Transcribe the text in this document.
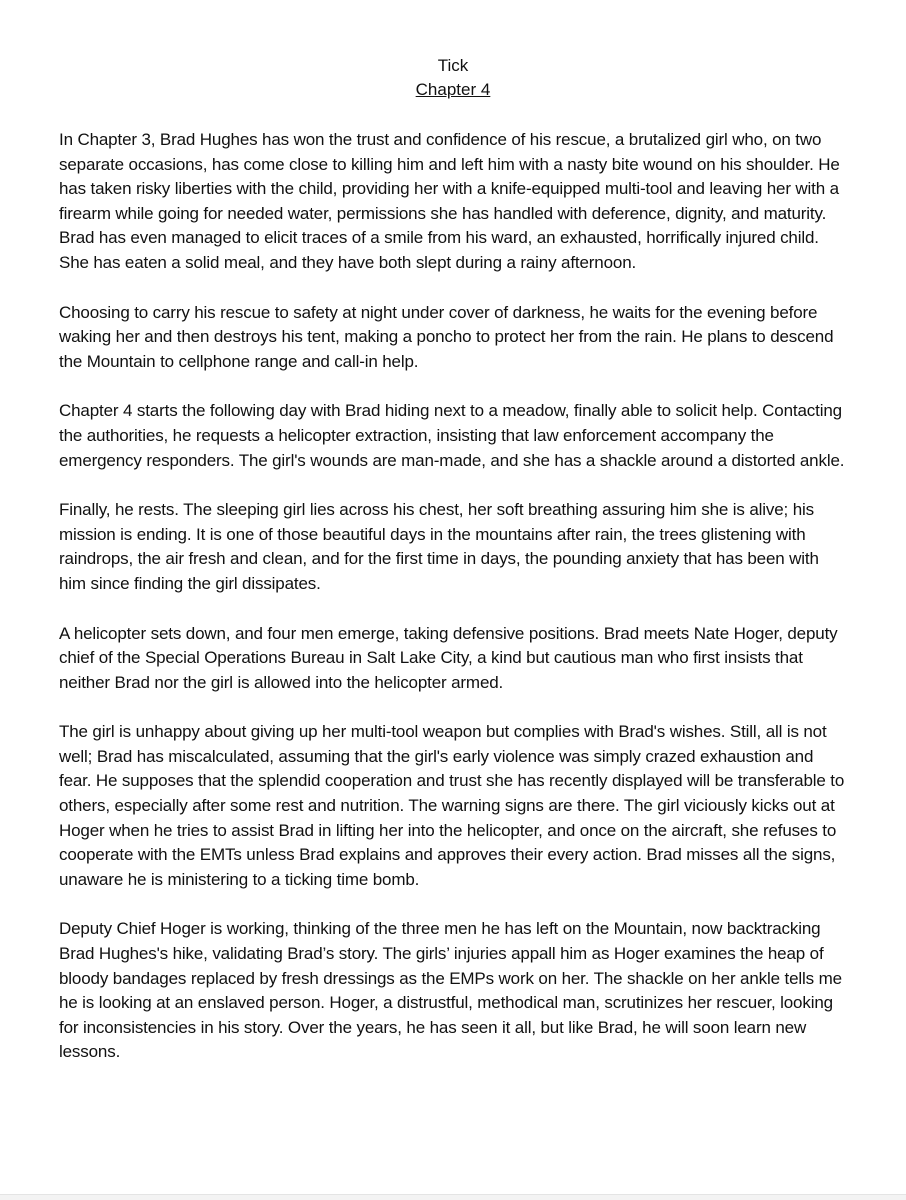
Tick
Chapter 4

In Chapter 3, Brad Hughes has won the trust and confidence of his rescue, a brutalized girl who, on two separate occasions, has come close to killing him and left him with a nasty bite wound on his shoulder. He has taken risky liberties with the child, providing her with a knife-equipped multi-tool and leaving her with a firearm while going for needed water, permissions she has handled with deference, dignity, and maturity. Brad has even managed to elicit traces of a smile from his ward, an exhausted, horrifically injured child. She has eaten a solid meal, and they have both slept during a rainy afternoon.

Choosing to carry his rescue to safety at night under cover of darkness, he waits for the evening before waking her and then destroys his tent, making a poncho to protect her from the rain. He plans to descend the Mountain to cellphone range and call-in help.

Chapter 4 starts the following day with Brad hiding next to a meadow, finally able to solicit help. Contacting the authorities, he requests a helicopter extraction, insisting that law enforcement accompany the emergency responders. The girl's wounds are man-made, and she has a shackle around a distorted ankle.

Finally, he rests. The sleeping girl lies across his chest, her soft breathing assuring him she is alive; his mission is ending. It is one of those beautiful days in the mountains after rain, the trees glistening with raindrops, the air fresh and clean, and for the first time in days, the pounding anxiety that has been with him since finding the girl dissipates.

A helicopter sets down, and four men emerge, taking defensive positions. Brad meets Nate Hoger, deputy chief of the Special Operations Bureau in Salt Lake City, a kind but cautious man who first insists that neither Brad nor the girl is allowed into the helicopter armed.

The girl is unhappy about giving up her multi-tool weapon but complies with Brad's wishes. Still, all is not well; Brad has miscalculated, assuming that the girl's early violence was simply crazed exhaustion and fear. He supposes that the splendid cooperation and trust she has recently displayed will be transferable to others, especially after some rest and nutrition. The warning signs are there. The girl viciously kicks out at Hoger when he tries to assist Brad in lifting her into the helicopter, and once on the aircraft, she refuses to cooperate with the EMTs unless Brad explains and approves their every action. Brad misses all the signs, unaware he is ministering to a ticking time bomb.

Deputy Chief Hoger is working, thinking of the three men he has left on the Mountain, now backtracking Brad Hughes's hike, validating Brad’s story. The girls’ injuries appall him as Hoger examines the heap of bloody bandages replaced by fresh dressings as the EMPs work on her. The shackle on her ankle tells me he is looking at an enslaved person. Hoger, a distrustful, methodical man, scrutinizes her rescuer, looking for inconsistencies in his story. Over the years, he has seen it all, but like Brad, he will soon learn new lessons.
